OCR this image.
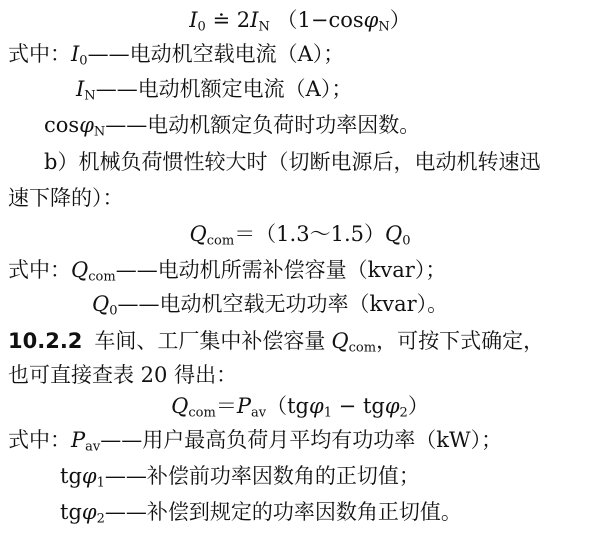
$I_0$ ≐ $2I_N$ （1−cosφ$_N$）
式中：$I_0——$电动机空载电流（A）；
$I_N——$电动机额定电流（A）；
cosφ$_N$——电动机额定负荷时功率因数。
b）机械负荷惯性较大时（切断电源后，电动机转速迅
速下降的）：
$Q_{com}=(1.3\sim 1.5)Q_0$
式中：$Q_{com}——$电动机所需补偿容量（kvar）；
$Q_0——$电动机空载无功功率（kvar）。
10.2.2 车间、工厂集中补偿容量 $Q_{com}$，可按下式确定，
也可直接查表 20 得出：
$Q_{com}=P_{av}(tg\varphi_1 - tg\varphi_2)$
式中：$P_{av}——$用户最高负荷月平均有功功率（kW）；
tgφ$_1$——补偿前功率因数角的正切值；
tgφ$_2$——补偿到规定的功率因数角正切值。
